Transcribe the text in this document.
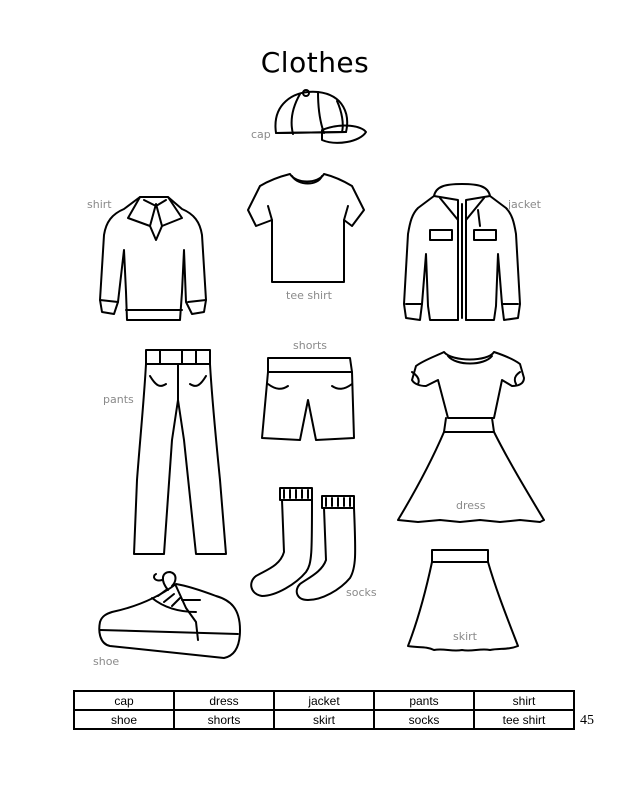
Clothes
cap
shirt
tee shirt
jacket
pants
shorts
dress
socks
shoe
skirt
cap	dress	jacket	pants	shirt
shoe	shorts	skirt	socks	tee shirt 45
